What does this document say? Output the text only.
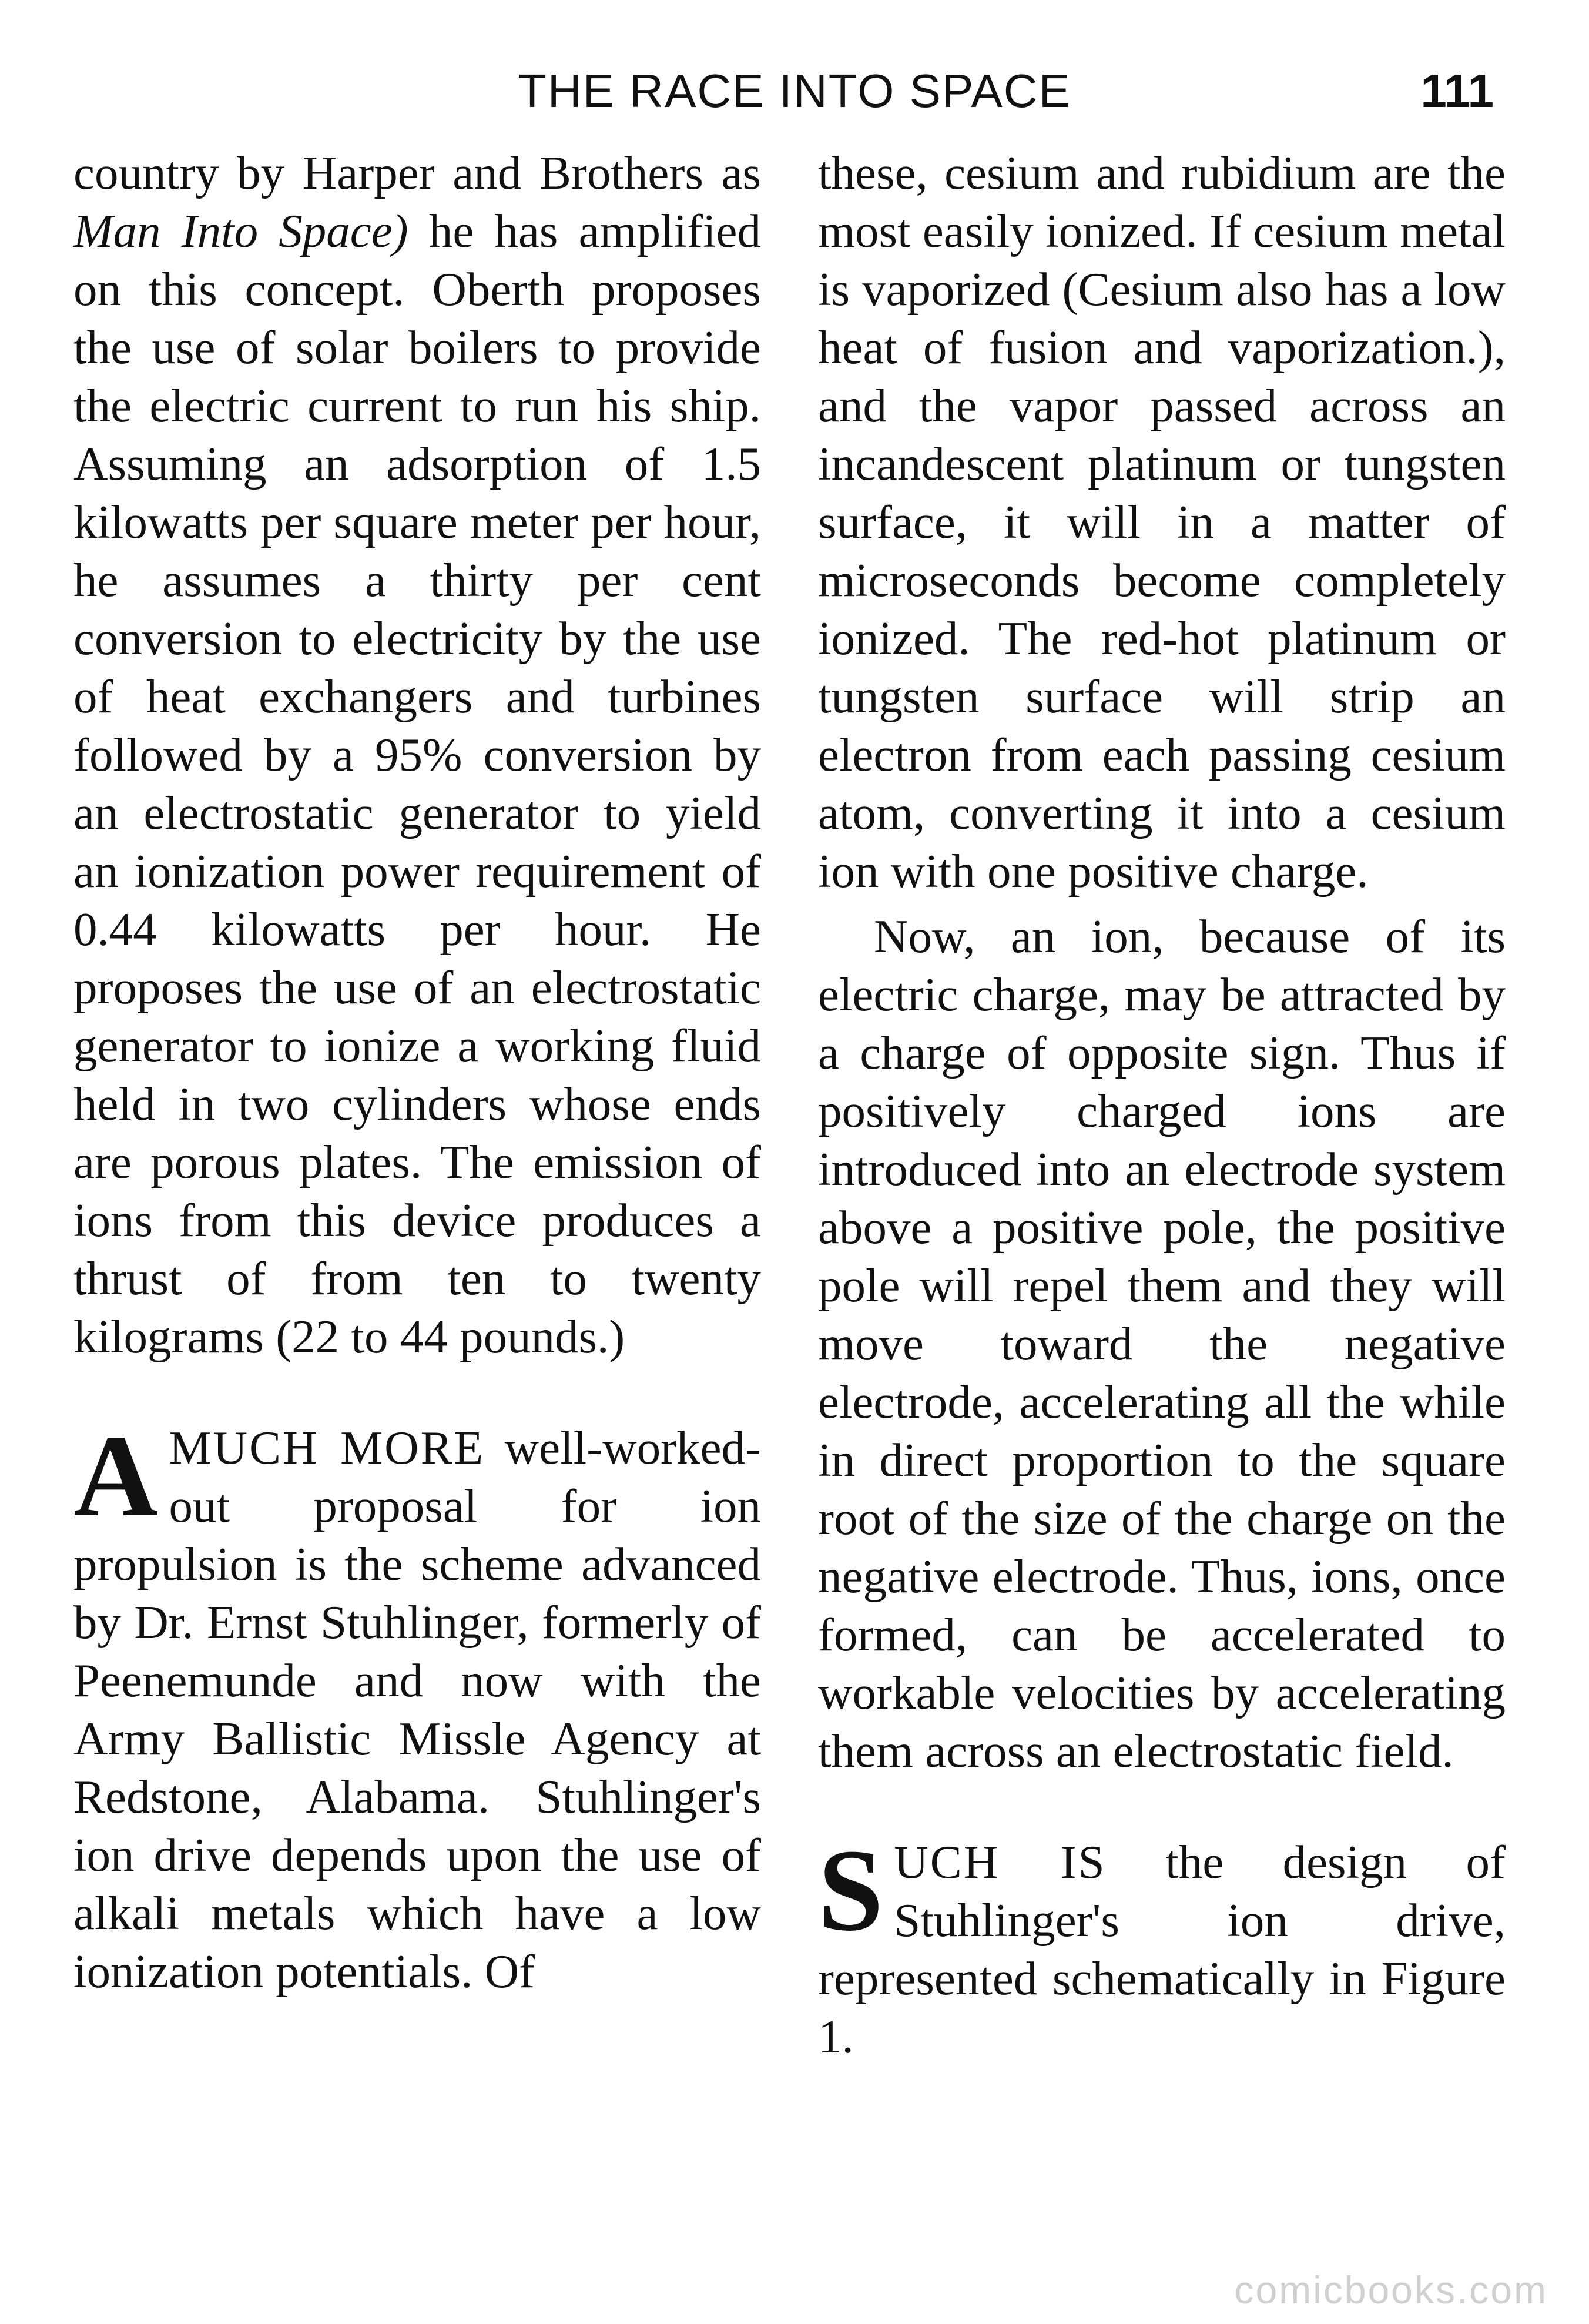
THE RACE INTO SPACE	111

country by Harper and Brothers as Man Into Space) he has amplified on this concept. Oberth proposes the use of solar boilers to provide the electric current to run his ship. Assuming an adsorption of 1.5 kilowatts per square meter per hour, he assumes a thirty per cent conversion to electricity by the use of heat exchangers and turbines followed by a 95% conversion by an electrostatic generator to yield an ionization power requirement of 0.44 kilowatts per hour. He proposes the use of an electrostatic generator to ionize a working fluid held in two cylinders whose ends are porous plates. The emission of ions from this device produces a thrust of from ten to twenty kilograms (22 to 44 pounds.)

AMUCH MORE well-worked-out proposal for ion propulsion is the scheme advanced by Dr. Ernst Stuhlinger, formerly of Peenemunde and now with the Army Ballistic Missle Agency at Redstone, Alabama. Stuhlinger's ion drive depends upon the use of alkali metals which have a low ionization potentials. Of

these, cesium and rubidium are the most easily ionized. If cesium metal is vaporized (Cesium also has a low heat of fusion and vaporization.), and the vapor passed across an incandescent platinum or tungsten surface, it will in a matter of microseconds become completely ionized. The red-hot platinum or tungsten surface will strip an electron from each passing cesium atom, converting it into a cesium ion with one positive charge.

Now, an ion, because of its electric charge, may be attracted by a charge of opposite sign. Thus if positively charged ions are introduced into an electrode system above a positive pole, the positive pole will repel them and they will move toward the negative electrode, accelerating all the while in direct proportion to the square root of the size of the charge on the negative electrode. Thus, ions, once formed, can be accelerated to workable velocities by accelerating them across an electrostatic field.

SUCH IS the design of Stuhlinger's ion drive, represented schematically in Figure 1.

comicbooks.com
